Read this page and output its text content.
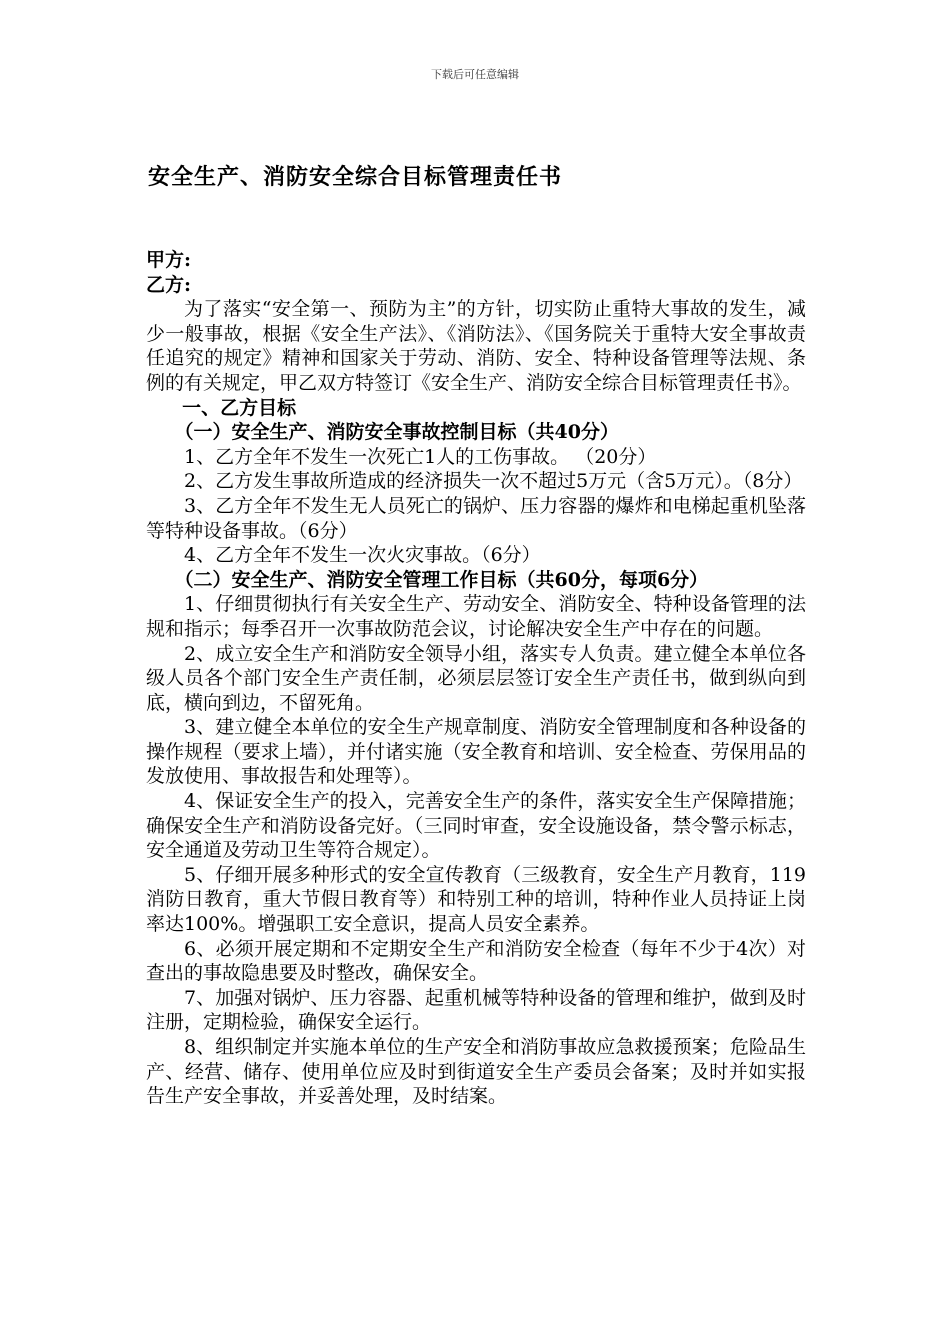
下载后可任意编辑
安全生产、消防安全综合目标管理责任书

甲方:

乙方:

为了落实“安全第一、预防为主”的方针，切实防止重特大事故的发生，减少一般事故，根据《安全生产法》、《消防法》、《国务院关于重特大安全事故责任追究的规定》精神和国家关于劳动、消防、安全、特种设备管理等法规、条例的有关规定，甲乙双方特签订《安全生产、消防安全综合目标管理责任书》。

一、乙方目标

（一）安全生产、消防安全事故控制目标（共40分）

1、乙方全年不发生一次死亡1人的工伤事故。 （20分）

2、乙方发生事故所造成的经济损失一次不超过5万元（含5万元）。（8分）

3、乙方全年不发生无人员死亡的锅炉、压力容器的爆炸和电梯起重机坠落等特种设备事故。（6分）

4、乙方全年不发生一次火灾事故。（6分）

（二）安全生产、消防安全管理工作目标（共60分，每项6分）

1、仔细贯彻执行有关安全生产、劳动安全、消防安全、特种设备管理的法规和指示；每季召开一次事故防范会议，讨论解决安全生产中存在的问题。

2、成立安全生产和消防安全领导小组，落实专人负责。建立健全本单位各级人员各个部门安全生产责任制，必须层层签订安全生产责任书，做到纵向到底，横向到边，不留死角。

3、建立健全本单位的安全生产规章制度、消防安全管理制度和各种设备的操作规程（要求上墙），并付诸实施（安全教育和培训、安全检查、劳保用品的发放使用、事故报告和处理等）。

4、保证安全生产的投入，完善安全生产的条件，落实安全生产保障措施；确保安全生产和消防设备完好。（三同时审查，安全设施设备，禁令警示标志，安全通道及劳动卫生等符合规定）。

5、仔细开展多种形式的安全宣传教育（三级教育，安全生产月教育，119消防日教育，重大节假日教育等）和特别工种的培训，特种作业人员持证上岗率达100%。增强职工安全意识，提高人员安全素养。

6、必须开展定期和不定期安全生产和消防安全检查（每年不少于4次）对查出的事故隐患要及时整改，确保安全。

7、加强对锅炉、压力容器、起重机械等特种设备的管理和维护，做到及时注册，定期检验，确保安全运行。

8、组织制定并实施本单位的生产安全和消防事故应急救援预案；危险品生产、经营、储存、使用单位应及时到街道安全生产委员会备案；及时并如实报告生产安全事故，并妥善处理，及时结案。
